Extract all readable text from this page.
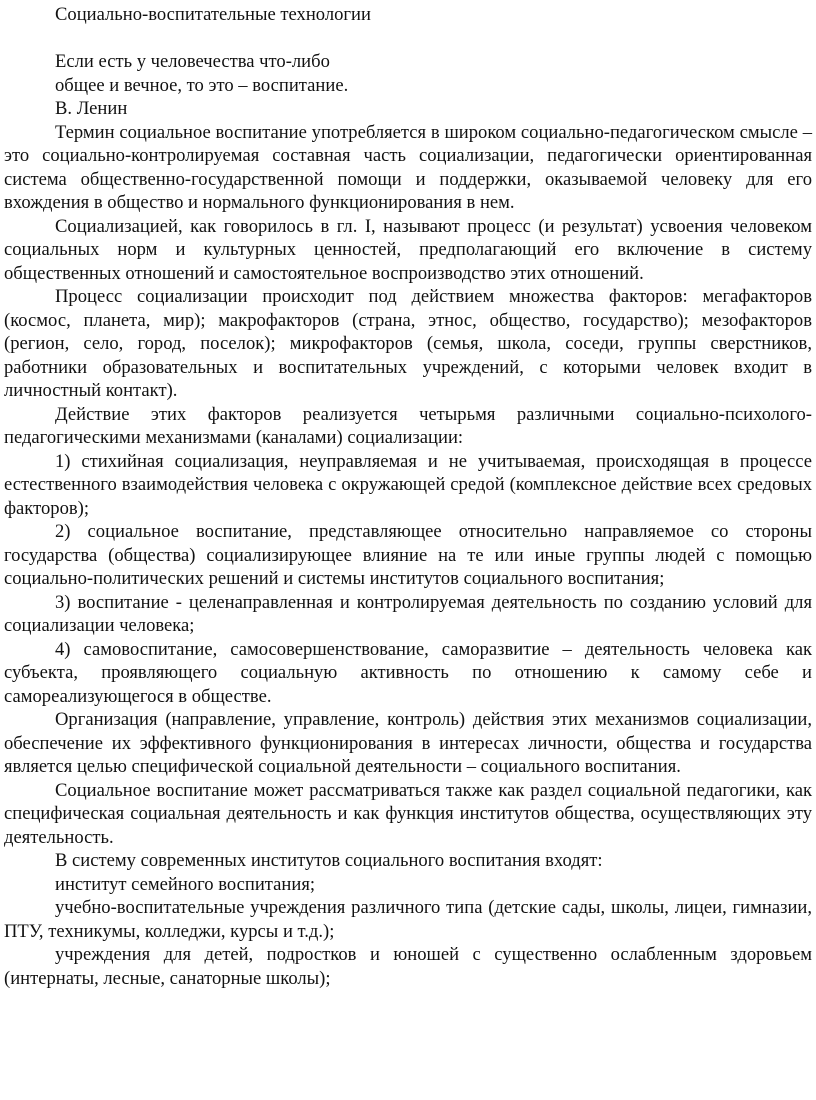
Социально-воспитательные технологии

Если есть у человечества что-либо

общее и вечное, то это – воспитание.

В. Ленин

Термин социальное воспитание употребляется в широком социально-педагогическом смысле – это социально-контролируемая составная часть социализации, педагогически ориентированная система общественно-государственной помощи и поддержки, оказываемой человеку для его вхождения в общество и нормального функционирования в нем.

Социализацией, как говорилось в гл. I, называют процесс (и результат) усвоения человеком социальных норм и культурных ценностей, предполагающий его включение в систему общественных отношений и самостоятельное воспроизводство этих отношений.

Процесс социализации происходит под действием множества факторов: мегафакторов (космос, планета, мир); макрофакторов (страна, этнос, общество, государство); мезофакторов (регион, село, город, поселок); микрофакторов (семья, школа, соседи, группы сверстников, работники образовательных и воспитательных учреждений, с которыми человек входит в личностный контакт).

Действие этих факторов реализуется четырьмя различными социально-психолого-педагогическими механизмами (каналами) социализации:

1) стихийная социализация, неуправляемая и не учитываемая, происходящая в процессе естественного взаимодействия человека с окружающей средой (комплексное действие всех средовых факторов);

2) социальное воспитание, представляющее относительно направляемое со стороны государства (общества) социализирующее влияние на те или иные группы людей с помощью социально-политических решений и системы институтов социального воспитания;

3) воспитание - целенаправленная и контролируемая деятельность по созданию условий для социализации человека;

4) самовоспитание, самосовершенствование, саморазвитие – деятельность человека как субъекта, проявляющего социальную активность по отношению к самому себе и самореализующегося в обществе.

Организация (направление, управление, контроль) действия этих механизмов социализации, обеспечение их эффективного функционирования в интересах личности, общества и государства является целью специфической социальной деятельности – социального воспитания.

Социальное воспитание может рассматриваться также как раздел социальной педагогики, как специфическая социальная деятельность и как функция институтов общества, осуществляющих эту деятельность.

В систему современных институтов социального воспитания входят:

институт семейного воспитания;

учебно-воспитательные учреждения различного типа (детские сады, школы, лицеи, гимназии, ПТУ, техникумы, колледжи, курсы и т.д.);

учреждения для детей, подростков и юношей с существенно ослабленным здоровьем (интернаты, лесные, санаторные школы);
